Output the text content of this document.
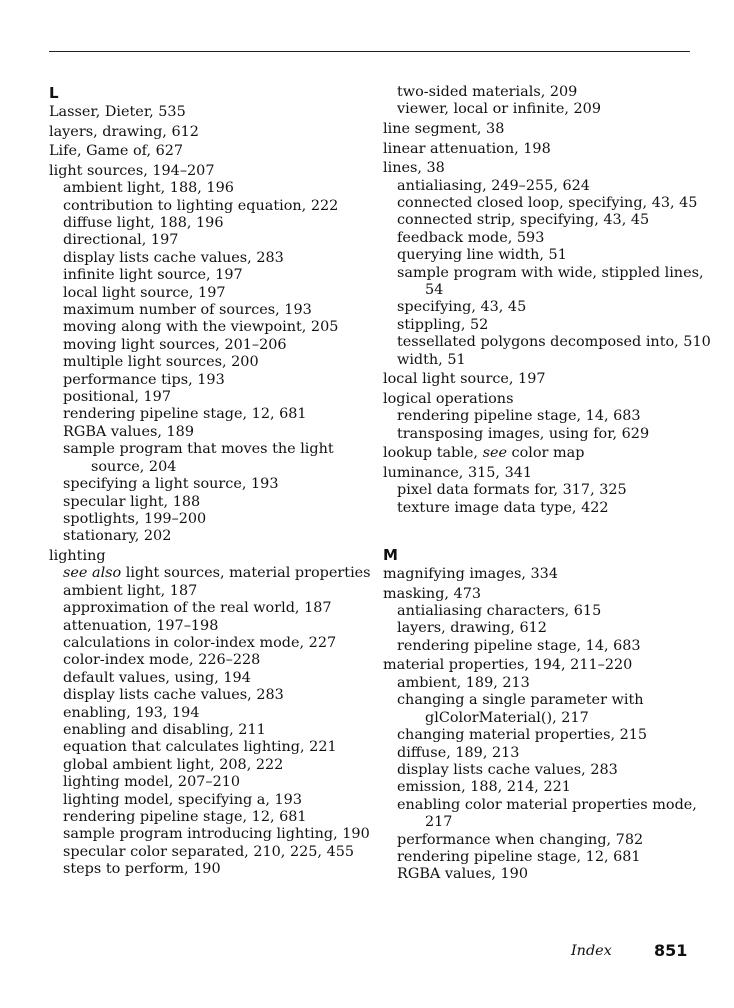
L
Lasser, Dieter, 535
layers, drawing, 612
Life, Game of, 627
light sources, 194–207
ambient light, 188, 196
contribution to lighting equation, 222
diffuse light, 188, 196
directional, 197
display lists cache values, 283
infinite light source, 197
local light source, 197
maximum number of sources, 193
moving along with the viewpoint, 205
moving light sources, 201–206
multiple light sources, 200
performance tips, 193
positional, 197
rendering pipeline stage, 12, 681
RGBA values, 189
sample program that moves the light
source, 204
specifying a light source, 193
specular light, 188
spotlights, 199–200
stationary, 202
lighting
see also light sources, material properties
ambient light, 187
approximation of the real world, 187
attenuation, 197–198
calculations in color-index mode, 227
color-index mode, 226–228
default values, using, 194
display lists cache values, 283
enabling, 193, 194
enabling and disabling, 211
equation that calculates lighting, 221
global ambient light, 208, 222
lighting model, 207–210
lighting model, specifying a, 193
rendering pipeline stage, 12, 681
sample program introducing lighting, 190
specular color separated, 210, 225, 455
steps to perform, 190
two-sided materials, 209
viewer, local or infinite, 209
line segment, 38
linear attenuation, 198
lines, 38
antialiasing, 249–255, 624
connected closed loop, specifying, 43, 45
connected strip, specifying, 43, 45
feedback mode, 593
querying line width, 51
sample program with wide, stippled lines,
54
specifying, 43, 45
stippling, 52
tessellated polygons decomposed into, 510
width, 51
local light source, 197
logical operations
rendering pipeline stage, 14, 683
transposing images, using for, 629
lookup table, see color map
luminance, 315, 341
pixel data formats for, 317, 325
texture image data type, 422
M
magnifying images, 334
masking, 473
antialiasing characters, 615
layers, drawing, 612
rendering pipeline stage, 14, 683
material properties, 194, 211–220
ambient, 189, 213
changing a single parameter with
glColorMaterial(), 217
changing material properties, 215
diffuse, 189, 213
display lists cache values, 283
emission, 188, 214, 221
enabling color material properties mode,
217
performance when changing, 782
rendering pipeline stage, 12, 681
RGBA values, 190
Index	851
